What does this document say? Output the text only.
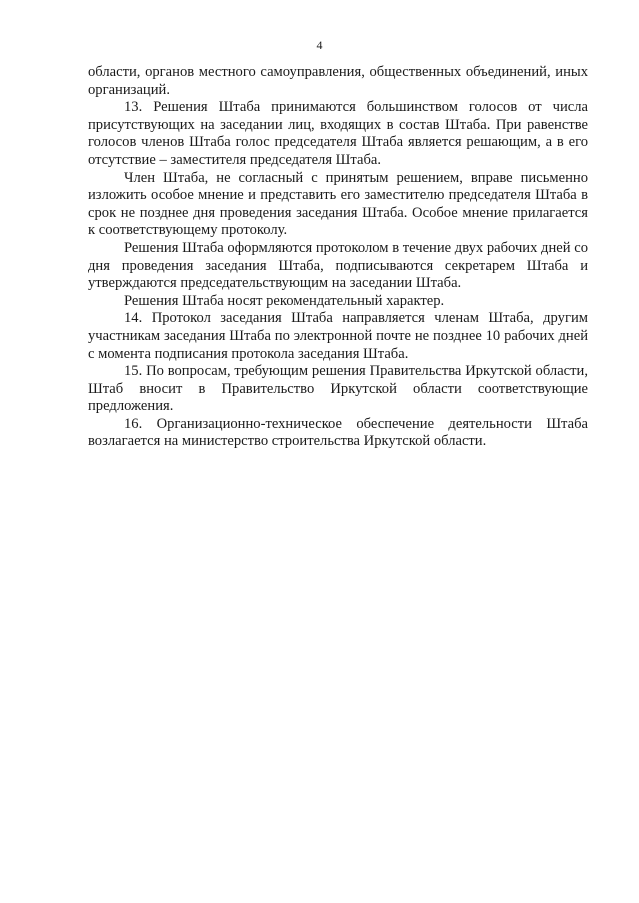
4

области, органов местного самоуправления, общественных объединений, иных организаций.

13. Решения Штаба принимаются большинством голосов от числа присутствующих на заседании лиц, входящих в состав Штаба. При равенстве голосов членов Штаба голос председателя Штаба является решающим, а в его отсутствие – заместителя председателя Штаба.

Член Штаба, не согласный с принятым решением, вправе письменно изложить особое мнение и представить его заместителю председателя Штаба в срок не позднее дня проведения заседания Штаба. Особое мнение прилагается к соответствующему протоколу.

Решения Штаба оформляются протоколом в течение двух рабочих дней со дня проведения заседания Штаба, подписываются секретарем Штаба и утверждаются председательствующим на заседании Штаба.

Решения Штаба носят рекомендательный характер.

14. Протокол заседания Штаба направляется членам Штаба, другим участникам заседания Штаба по электронной почте не позднее 10 рабочих дней с момента подписания протокола заседания Штаба.

15. По вопросам, требующим решения Правительства Иркутской области, Штаб вносит в Правительство Иркутской области соответствующие предложения.

16. Организационно-техническое обеспечение деятельности Штаба возлагается на министерство строительства Иркутской области.
